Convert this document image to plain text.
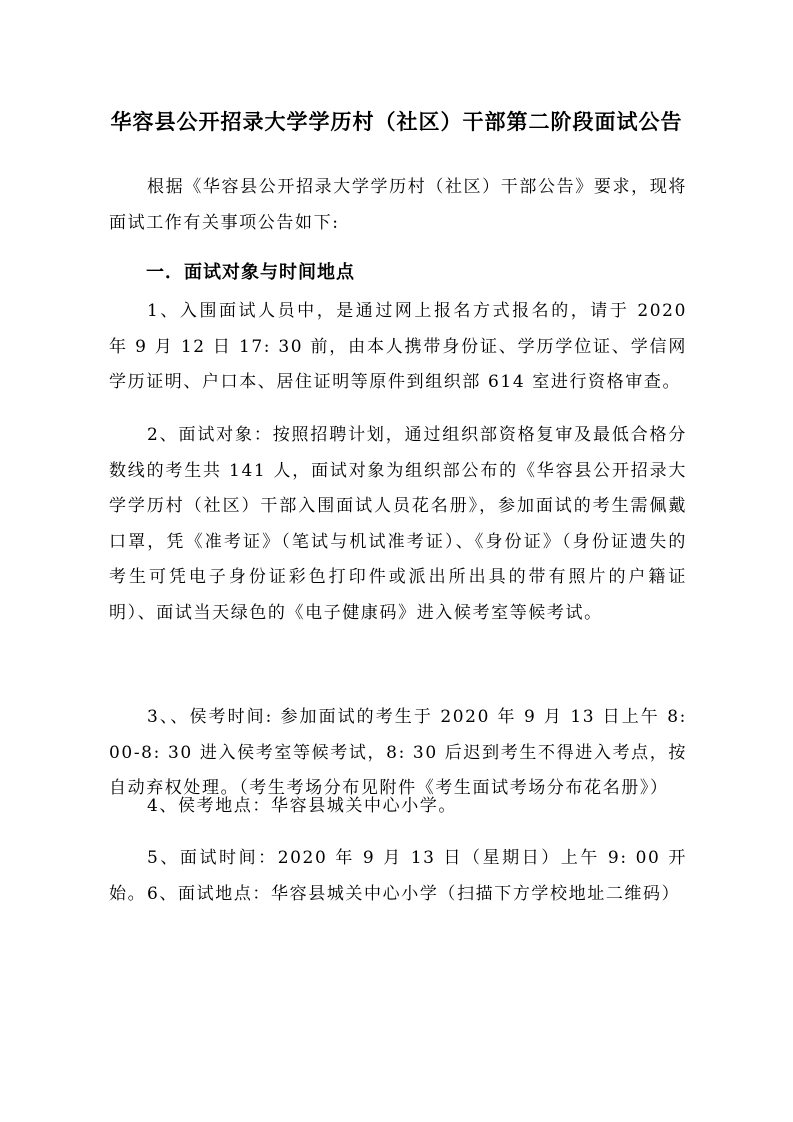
华容县公开招录大学学历村（社区）干部第二阶段面试公告
根据《华容县公开招录大学学历村（社区）干部公告》要求，现将面试工作有关事项公告如下:
一．面试对象与时间地点
1、入围面试人员中，是通过网上报名方式报名的，请于 2020 年 9 月 12 日 17: 30 前，由本人携带身份证、学历学位证、学信网学历证明、户口本、居住证明等原件到组织部 614 室进行资格审查。
2、面试对象：按照招聘计划，通过组织部资格复审及最低合格分数线的考生共 141 人，面试对象为组织部公布的《华容县公开招录大学学历村（社区）干部入围面试人员花名册》，参加面试的考生需佩戴口罩，凭《准考证》（笔试与机试准考证）、《身份证》（身份证遗失的考生可凭电子身份证彩色打印件或派出所出具的带有照片的户籍证明）、面试当天绿色的《电子健康码》进入候考室等候考试。
3、、侯考时间: 参加面试的考生于 2020 年 9 月 13 日上午 8: 00-8: 30 进入侯考室等候考试，8: 30 后迟到考生不得进入考点，按自动弃权处理。（考生考场分布见附件《考生面试考场分布花名册》）
4、侯考地点：华容县城关中心小学。
5、面试时间：2020 年 9 月 13 日（星期日）上午 9: 00 开始。 6、面试地点：华容县城关中心小学（扫描下方学校地址二维码）
